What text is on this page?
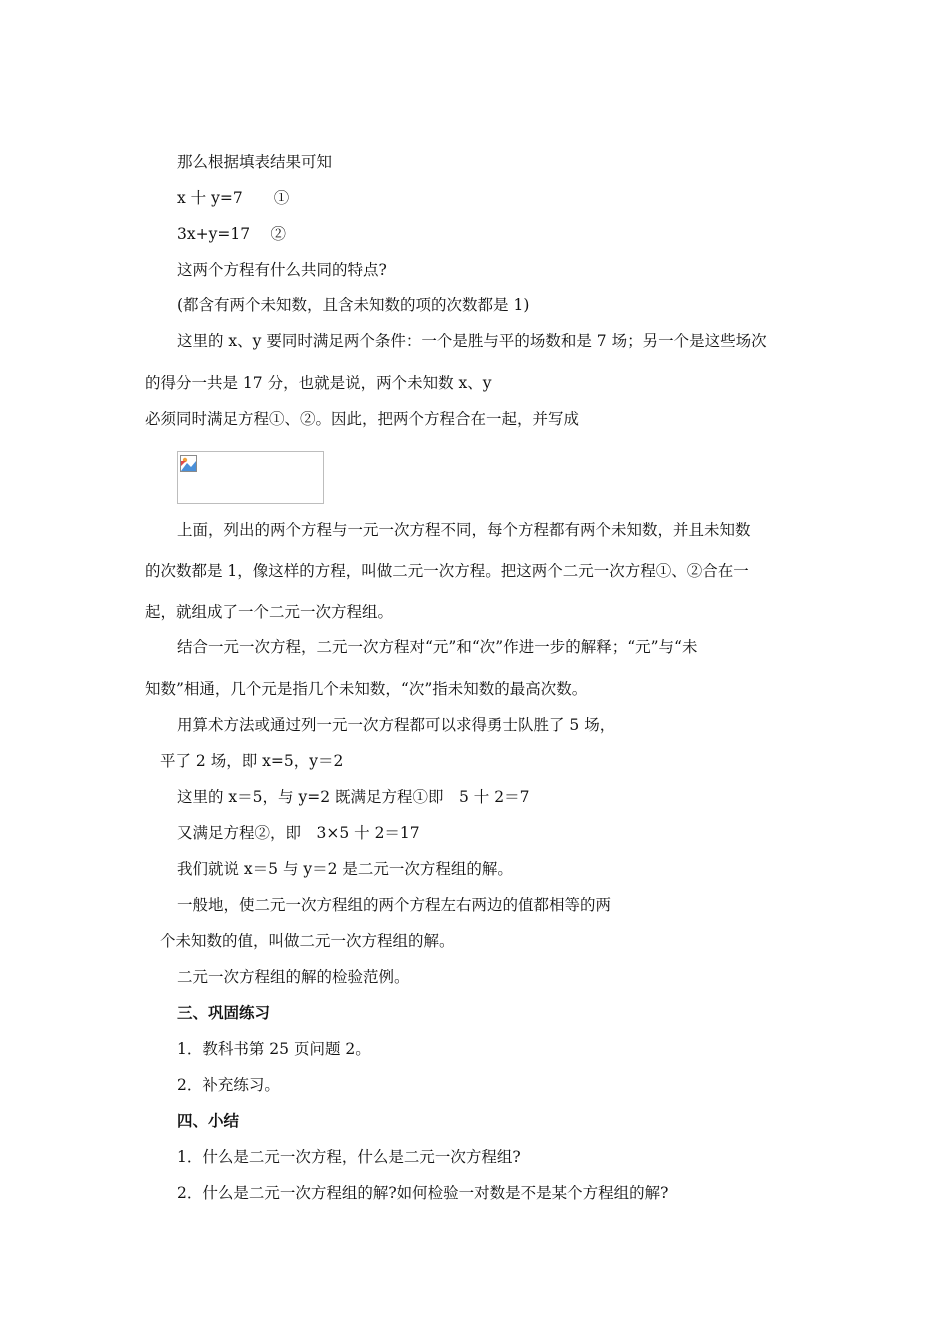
那么根据填表结果可知
x 十 y=7　　①
3x+y=17　 ②
这两个方程有什么共同的特点?
(都含有两个未知数，且含未知数的项的次数都是 1)
这里的 x、y 要同时满足两个条件：一个是胜与平的场数和是 7 场；另一个是这些场次
的得分一共是 17 分，也就是说，两个未知数 x、y
必须同时满足方程①、②。因此，把两个方程合在一起，并写成
上面，列出的两个方程与一元一次方程不同，每个方程都有两个未知数，并且未知数
的次数都是 1，像这样的方程，叫做二元一次方程。把这两个二元一次方程①、②合在一
起，就组成了一个二元一次方程组。
结合一元一次方程，二元一次方程对“元”和“次”作进一步的解释；“元”与“未
知数”相通，几个元是指几个未知数，“次”指未知数的最高次数。
用算术方法或通过列一元一次方程都可以求得勇士队胜了 5 场，
平了 2 场，即 x=5，y＝2
这里的 x＝5，与 y=2 既满足方程①即　5 十 2＝7
又满足方程②，即　3×5 十 2＝17
我们就说 x＝5 与 y＝2 是二元一次方程组的解。
一般地，使二元一次方程组的两个方程左右两边的值都相等的两
个未知数的值，叫做二元一次方程组的解。
二元一次方程组的解的检验范例。
三、巩固练习
1．教科书第 25 页问题 2。
2．补充练习。
四、小结
1．什么是二元一次方程，什么是二元一次方程组?
2．什么是二元一次方程组的解?如何检验一对数是不是某个方程组的解?
